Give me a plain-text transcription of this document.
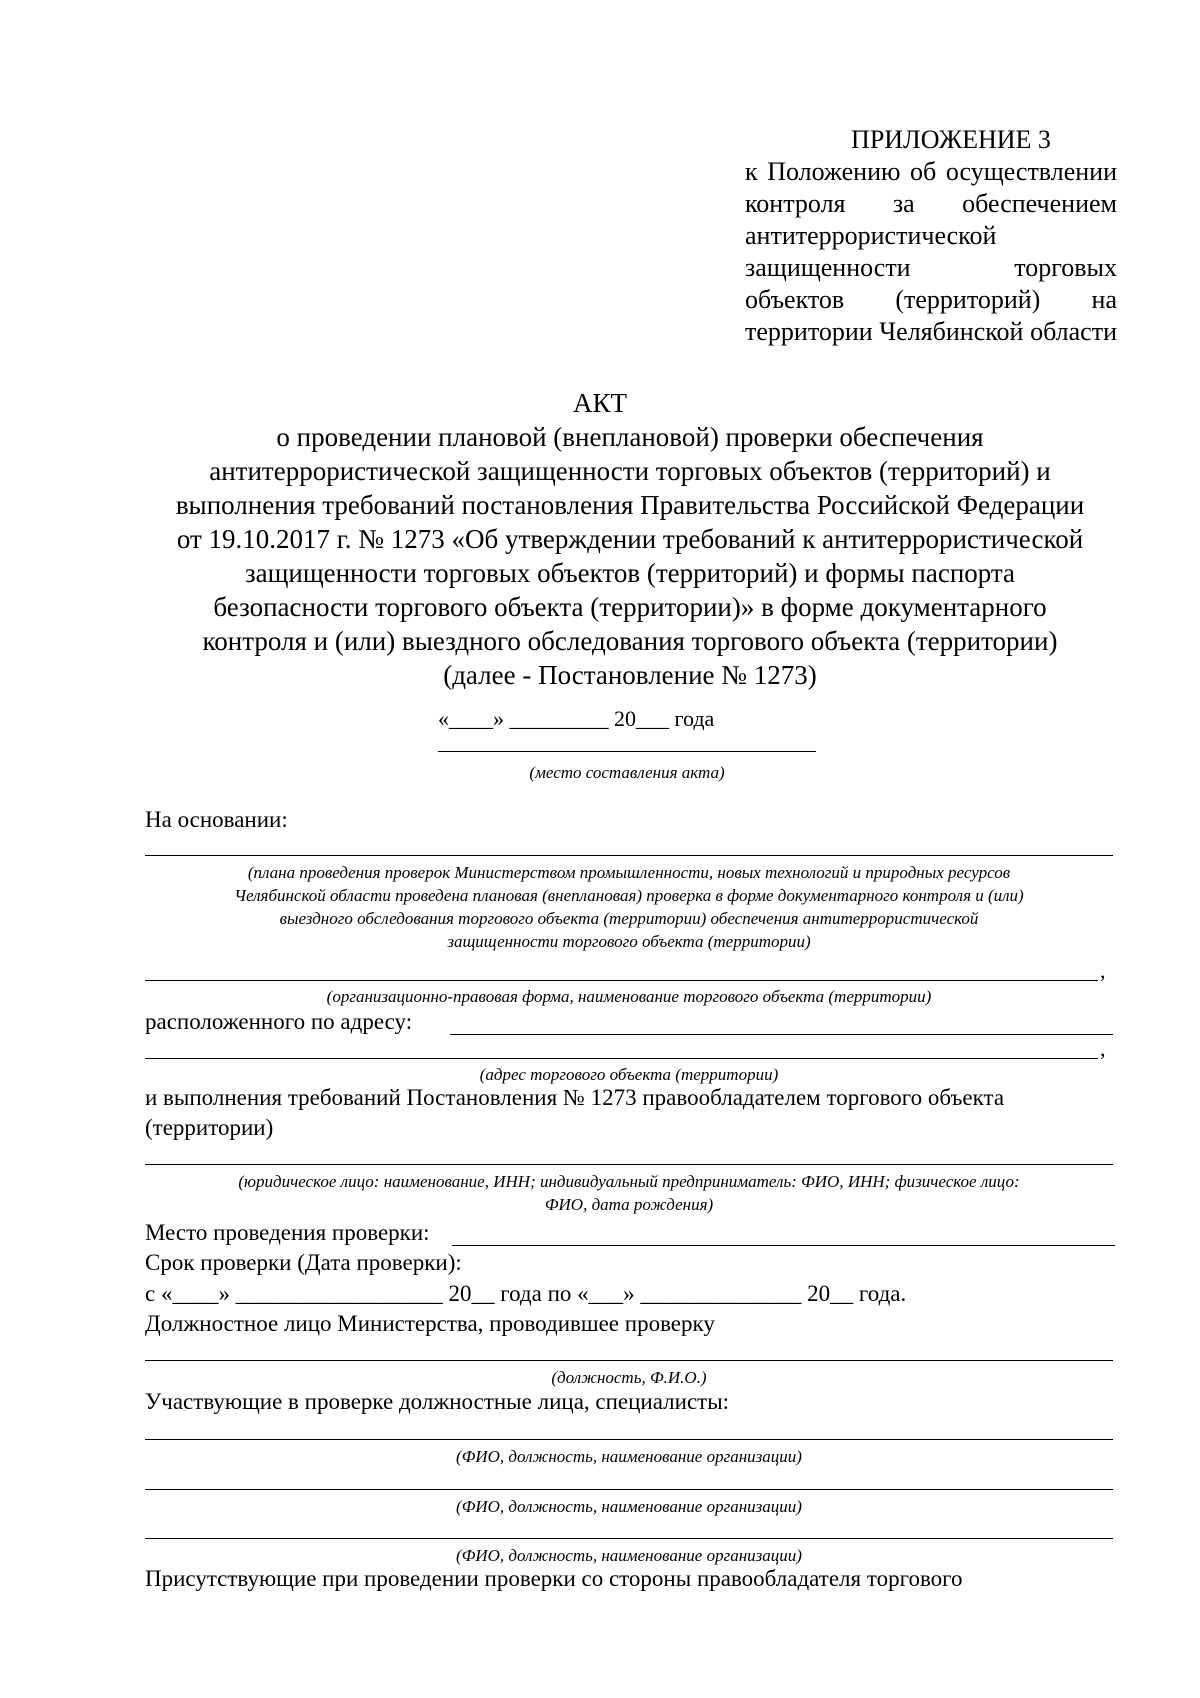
ПРИЛОЖЕНИЕ 3
к Положению об осуществлении
контроля за обеспечением
антитеррористической
защищенности торговых
объектов (территорий) на
территории Челябинской области
АКТ
о проведении плановой (внеплановой) проверки обеспечения
антитеррористической защищенности торговых объектов (территорий) и
выполнения требований постановления Правительства Российской Федерации
от 19.10.2017 г. № 1273 «Об утверждении требований к антитеррористической
защищенности торговых объектов (территорий) и формы паспорта
безопасности торгового объекта (территории)» в форме документарного
контроля и (или) выездного обследования торгового объекта (территории)
(далее - Постановление № 1273)
«____» _________ 20___ года
(место составления акта)
На основании:
(плана проведения проверок Министерством промышленности, новых технологий и природных ресурсов
Челябинской области проведена плановая (внеплановая) проверка в форме документарного контроля и (или)
выездного обследования торгового объекта (территории) обеспечения антитеррористической
защищенности торгового объекта (территории)
,
(организационно-правовая форма, наименование торгового объекта (территории)
расположенного по адресу:
,
(адрес торгового объекта (территории)
и выполнения требований Постановления № 1273 правообладателем торгового объекта
(территории)
(юридическое лицо: наименование, ИНН; индивидуальный предприниматель: ФИО, ИНН; физическое лицо:
ФИО, дата рождения)
Место проведения проверки:
Срок проверки (Дата проверки):
с «____» __________________ 20__ года по «___» ______________ 20__ года.
Должностное лицо Министерства, проводившее проверку
(должность, Ф.И.О.)
Участвующие в проверке должностные лица, специалисты:
(ФИО, должность, наименование организации)
(ФИО, должность, наименование организации)
(ФИО, должность, наименование организации)
Присутствующие при проведении проверки со стороны правообладателя торгового
